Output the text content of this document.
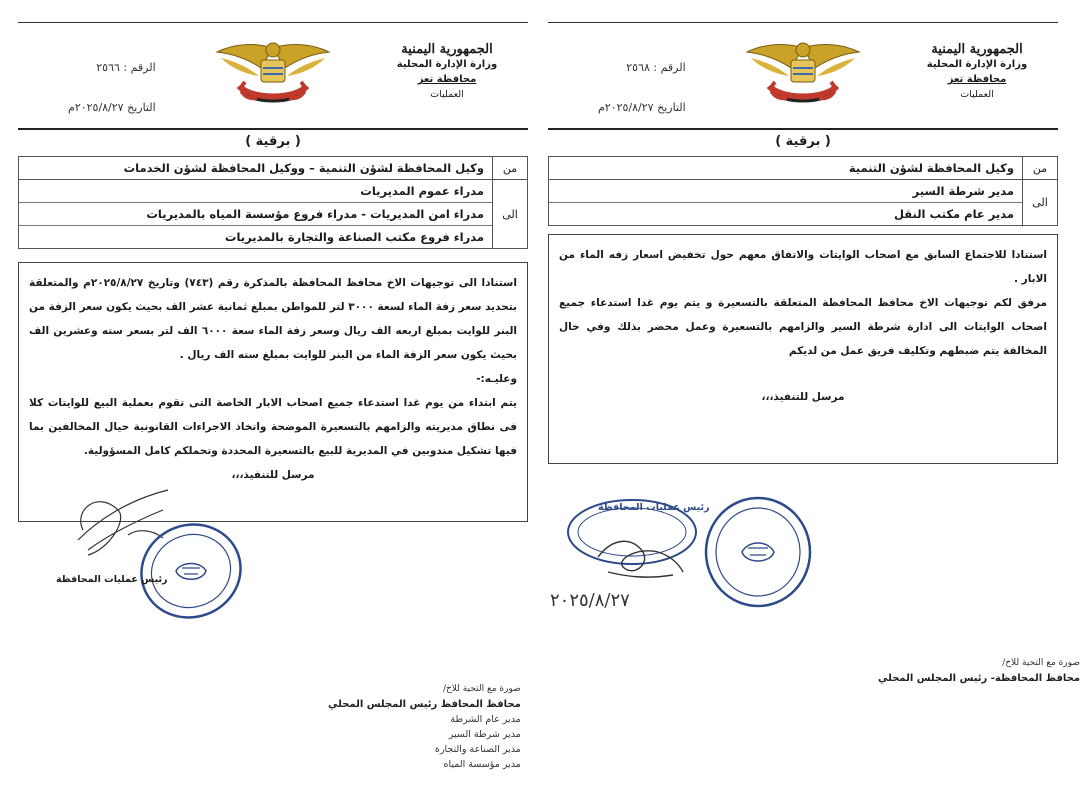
الجمهورية اليمنية
وزارة الإدارة المحلية
محافظة تعز
العمليات
الرقم : ٢٥٦٦
التاريخ ٢٠٢٥/٨/٢٧م
( برقية )
من
وكيل المحافظة لشؤن التنمية – ووكيل المحافظة لشؤن الخدمات
الى
مدراء عموم المديريات
مدراء امن المديريات - مدراء فروع مؤسسة المياه بالمديريات
مدراء فروع مكتب الصناعة والتجارة بالمديريات

استنادا الى توجيهات الاخ محافظ المحافظة بالمذكرة رقم (٧٤٣) وتاريخ ٢٠٢٥/٨/٢٧م والمتعلقة بتحديد سعر زفة الماء لسعة ٣٠٠٠ لتر للمواطن بمبلغ ثمانية عشر الف بحيث يكون سعر الزفة من البنر للوايت بمبلغ اربعه الف ريال وسعر زفة الماء سعة ٦٠٠٠ الف لتر بسعر سته وعشرين الف بحيث يكون سعر الزفة الماء من البنر للوايت بمبلغ سته الف ريال .

وعليـه:-

يتم ابتداء من يوم غدا استدعاء جميع اصحاب الابار الخاصة التى تقوم بعملية البيع للوايتات كلا فى نطاق مديريته والزامهم بالتسعيرة الموضحة واتخاذ الاجراءات القانونية حيال المخالفين بما فيها تشكيل مندوبين في المديرية للبيع بالتسعيرة المحددة وتحملكم كامل المسؤولية.

مرسل للتنفيذ،،،

رئيس عمليات المحافظة
صورة مع التحية للاخ/
محافظ المحافظ رئيس المجلس المحلي
مدير عام الشرطة
مدير شرطة السير
مدير الصناعة والتجارة
مدير مؤسسة المياه
الجمهورية اليمنية
وزارة الإدارة المحلية
محافظة تعز
العمليات
الرقم : ٢٥٦٨
التاريخ ٢٠٢٥/٨/٢٧م
( برقية )
من
وكيل المحافظة لشؤن التنمية
الى
مدير شرطة السير
مدير عام مكتب النقل

استنادا للاجتماع السابق مع اصحاب الوايتات والاتفاق معهم حول تخفيض اسعار زفه الماء من الابار .

مرفق لكم توجيهات الاخ محافظ المحافظة المتعلقة بالتسعيرة و يتم يوم غدا استدعاء جميع اصحاب الوايتات الى ادارة شرطة السير والزامهم بالتسعيرة وعمل محضر بذلك وفي حال المخالفة يتم ضبطهم وتكليف فريق عمل من لديكم

مرسل للتنفيذ،،،

رئيس عمليات المحافظة
٢٠٢٥/٨/٢٧
صورة مع التحية للاخ/
محافظ المحافظة- رئيس المجلس المحلي
